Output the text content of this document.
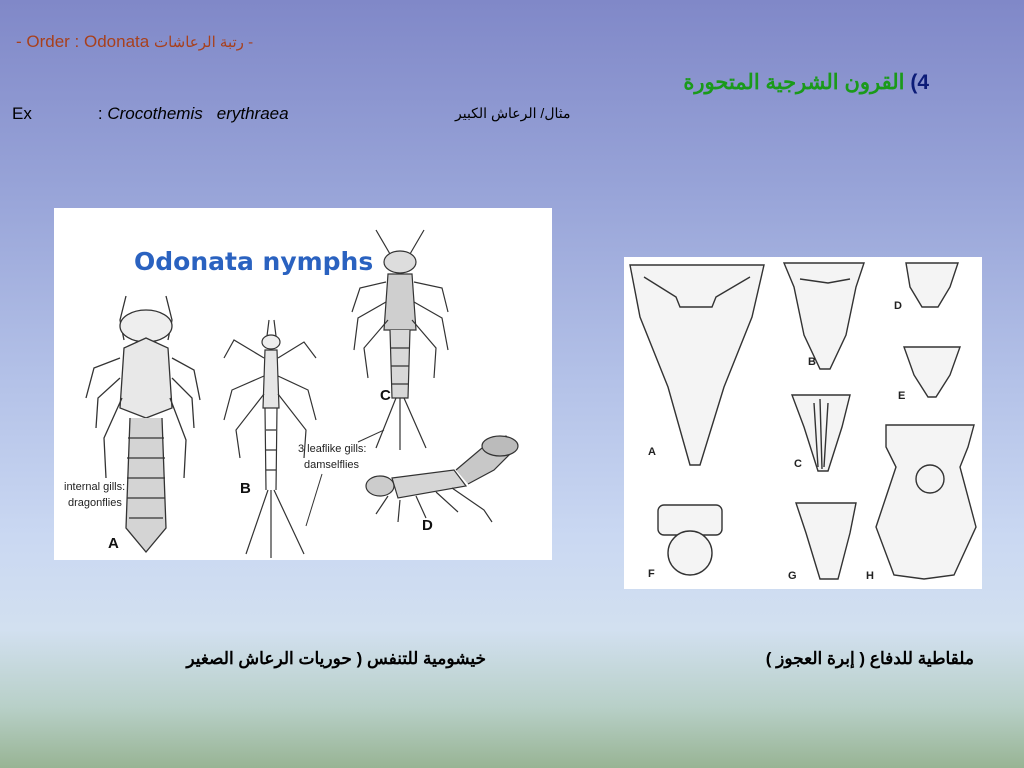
- Order : Odonata رتبة الرعاشات -
4) القرون الشرجية المتحورة
Ex	: Crocothemis erythraea	مثال/ الرعاش الكبير
Odonata nymphs
internal gills:
dragonflies
A
B
C
3 leaflike gills:
damselflies
D
A
B
C
D
E
F	G	H
خيشومية للتنفس ( حوريات الرعاش الصغير	ملقاطية للدفاع ( إبرة العجوز )
